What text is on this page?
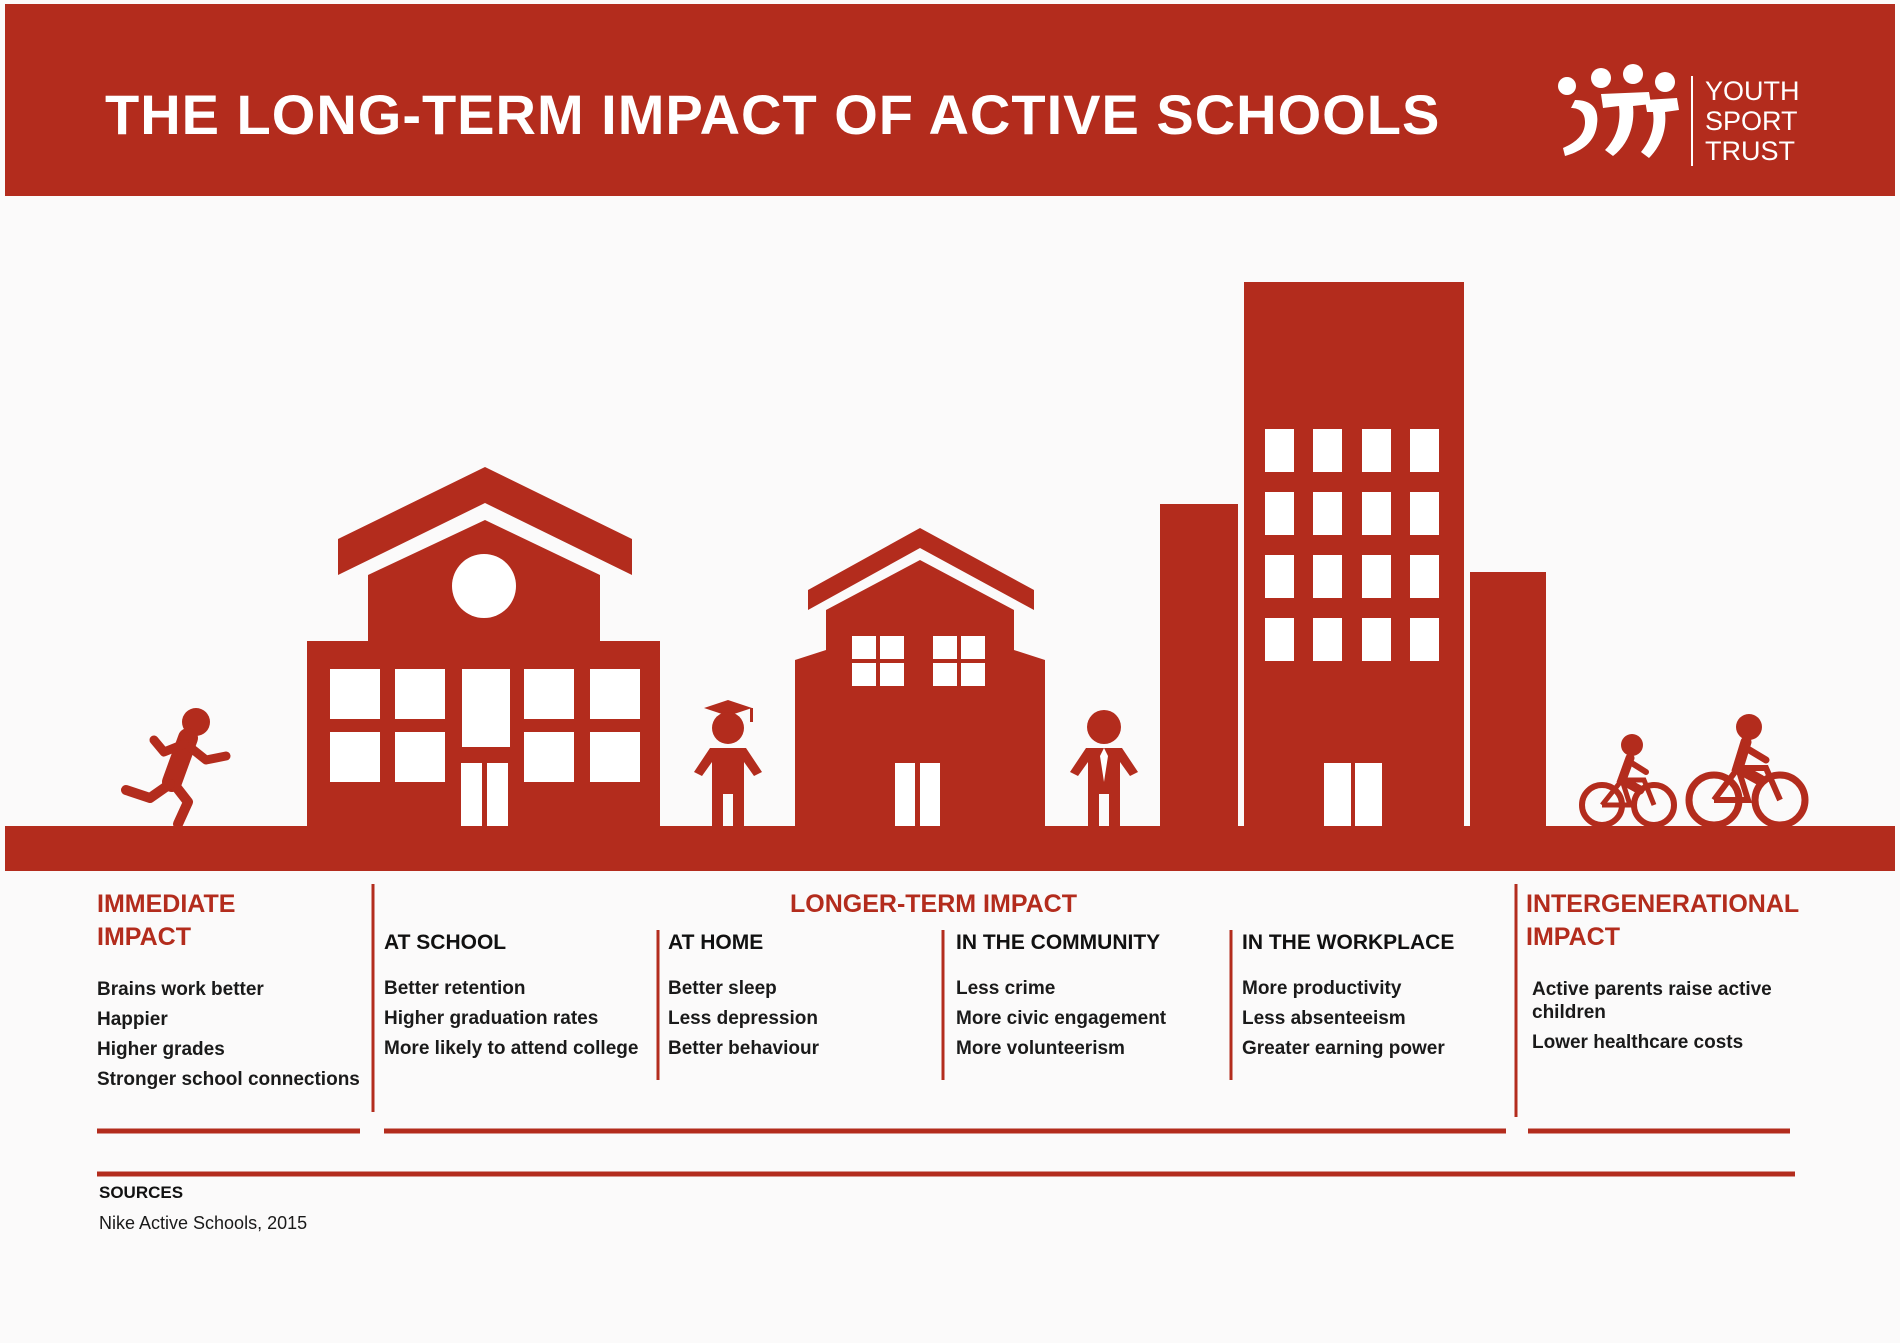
THE LONG-TERM IMPACT OF ACTIVE SCHOOLS	YOUTH
SPORT
TRUST
IMMEDIATE
IMPACT
Brains work better
Happier
Higher grades
Stronger school connections
LONGER-TERM IMPACT
AT SCHOOL
Better retention
Higher graduation rates
More likely to attend college
AT HOME
Better sleep
Less depression
Better behaviour
IN THE COMMUNITY
Less crime
More civic engagement
More volunteerism
IN THE WORKPLACE
More productivity
Less absenteeism
Greater earning power
INTERGENERATIONAL
IMPACT
Active parents raise active children
Lower healthcare costs
SOURCES
Nike Active Schools, 2015
